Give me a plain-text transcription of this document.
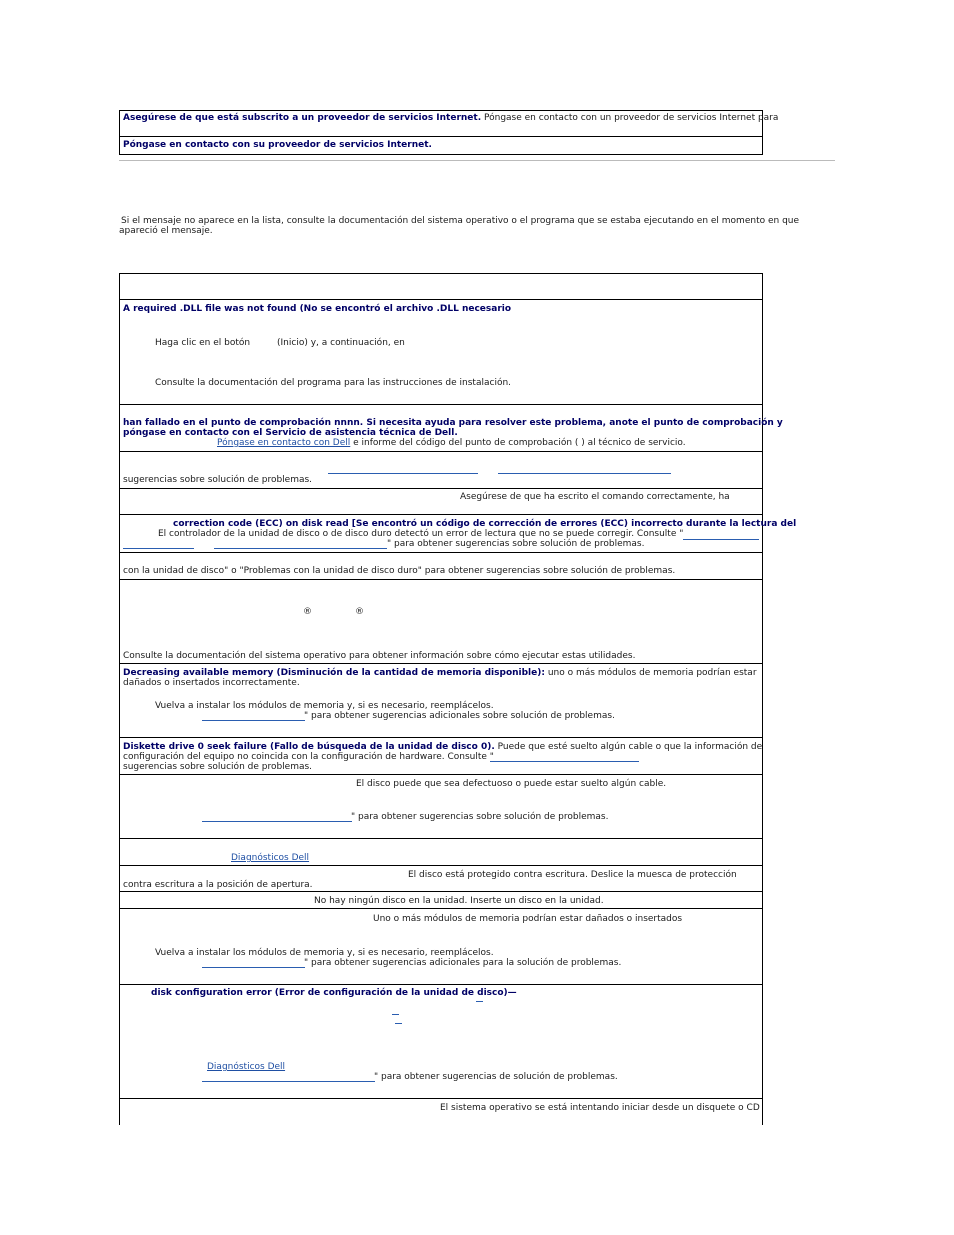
Asegúrese de que está subscrito a un proveedor de servicios Internet. Póngase en contacto con un proveedor de servicios Internet para
Póngase en contacto con su proveedor de servicios Internet.
Si el mensaje no aparece en la lista, consulte la documentación del sistema operativo o el programa que se estaba ejecutando en el momento en que
apareció el mensaje.
A required .DLL file was not found (No se encontró el archivo .DLL necesario
Haga clic en el botón	(Inicio) y, a continuación, en
Consulte la documentación del programa para las instrucciones de instalación.
han fallado en el punto de comprobación nnnn. Si necesita ayuda para resolver este problema, anote el punto de comprobación y
póngase en contacto con el Servicio de asistencia técnica de Dell.
Póngase en contacto con Dell e informe del código del punto de comprobación ( ) al técnico de servicio.
sugerencias sobre solución de problemas.
Asegúrese de que ha escrito el comando correctamente, ha
correction code (ECC) on disk read [Se encontró un código de corrección de errores (ECC) incorrecto durante la lectura del
El controlador de la unidad de disco o de disco duro detectó un error de lectura que no se puede corregir. Consulte "
" para obtener sugerencias sobre solución de problemas.
con la unidad de disco" o "Problemas con la unidad de disco duro" para obtener sugerencias sobre solución de problemas.
®	®
Consulte la documentación del sistema operativo para obtener información sobre cómo ejecutar estas utilidades.
Decreasing available memory (Disminución de la cantidad de memoria disponible): uno o más módulos de memoria podrían estar
dañados o insertados incorrectamente.
Vuelva a instalar los módulos de memoria y, si es necesario, reemplácelos.
" para obtener sugerencias adicionales sobre solución de problemas.
Diskette drive 0 seek failure (Fallo de búsqueda de la unidad de disco 0). Puede que esté suelto algún cable o que la información de
configuración del equipo no coincida con la configuración de hardware. Consulte "
sugerencias sobre solución de problemas.
El disco puede que sea defectuoso o puede estar suelto algún cable.
" para obtener sugerencias sobre solución de problemas.
Diagnósticos Dell
El disco está protegido contra escritura. Deslice la muesca de protección
contra escritura a la posición de apertura.
No hay ningún disco en la unidad. Inserte un disco en la unidad.
Uno o más módulos de memoria podrían estar dañados o insertados
Vuelva a instalar los módulos de memoria y, si es necesario, reemplácelos.
" para obtener sugerencias adicionales para la solución de problemas.
disk configuration error (Error de configuración de la unidad de disco)—
Diagnósticos Dell
" para obtener sugerencias de solución de problemas.
El sistema operativo se está intentando iniciar desde un disquete o CD
